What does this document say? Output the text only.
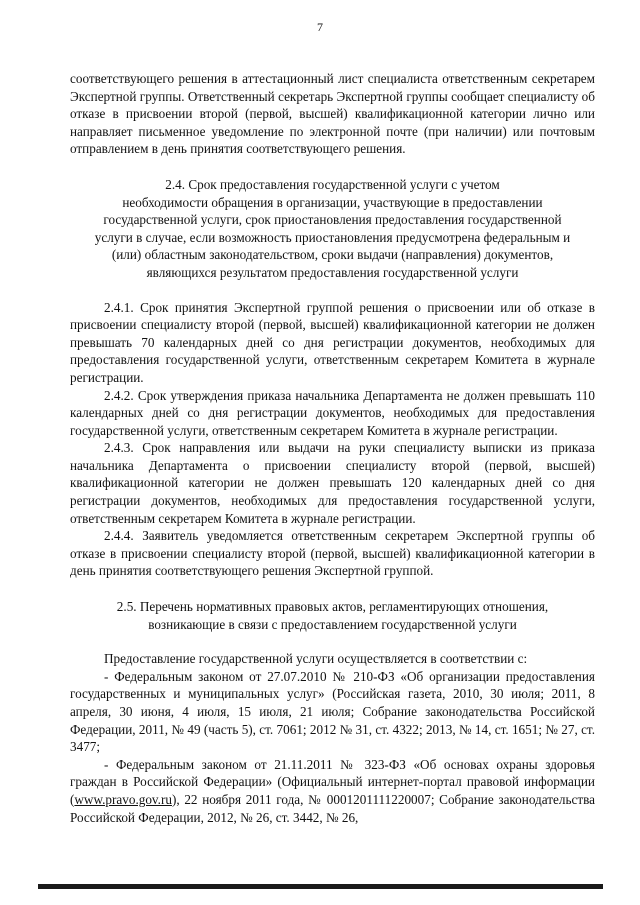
7

соответствующего решения в аттестационный лист специалиста ответственным секретарем Экспертной группы. Ответственный секретарь Экспертной группы сообщает специалисту об отказе в присвоении второй (первой, высшей) квалификационной категории лично или направляет письменное уведомление по электронной почте (при наличии) или почтовым отправлением в день принятия соответствующего решения.

2.4. Срок предоставления государственной услуги с учетом
необходимости обращения в организации, участвующие в предоставлении
государственной услуги, срок приостановления предоставления государственной
услуги в случае, если возможность приостановления предусмотрена федеральным и
(или) областным законодательством, сроки выдачи (направления) документов,
являющихся результатом предоставления государственной услуги

2.4.1. Срок принятия Экспертной группой решения о присвоении или об отказе в присвоении специалисту второй (первой, высшей) квалификационной категории не должен превышать 70 календарных дней со дня регистрации документов, необходимых для предоставления государственной услуги, ответственным секретарем Комитета в журнале регистрации.

2.4.2. Срок утверждения приказа начальника Департамента не должен превышать 110 календарных дней со дня регистрации документов, необходимых для предоставления государственной услуги, ответственным секретарем Комитета в журнале регистрации.

2.4.3. Срок направления или выдачи на руки специалисту выписки из приказа начальника Департамента о присвоении специалисту второй (первой, высшей) квалификационной категории не должен превышать 120 календарных дней со дня регистрации документов, необходимых для предоставления государственной услуги, ответственным секретарем Комитета в журнале регистрации.

2.4.4. Заявитель уведомляется ответственным секретарем Экспертной группы об отказе в присвоении специалисту второй (первой, высшей) квалификационной категории в день принятия соответствующего решения Экспертной группой.

2.5. Перечень нормативных правовых актов, регламентирующих отношения,
возникающие в связи с предоставлением государственной услуги

Предоставление государственной услуги осуществляется в соответствии с:

- Федеральным законом от 27.07.2010 № 210-ФЗ «Об организации предоставления государственных и муниципальных услуг» (Российская газета, 2010, 30 июля; 2011, 8 апреля, 30 июня, 4 июля, 15 июля, 21 июля; Собрание законодательства Российской Федерации, 2011, № 49 (часть 5), ст. 7061; 2012 № 31, ст. 4322; 2013, № 14, ст. 1651; № 27, ст. 3477;

- Федеральным законом от 21.11.2011 № 323-ФЗ «Об основах охраны здоровья граждан в Российской Федерации» (Официальный интернет-портал правовой информации (www.pravo.gov.ru), 22 ноября 2011 года, № 0001201111220007; Собрание законодательства Российской Федерации, 2012, № 26, ст. 3442, № 26,
